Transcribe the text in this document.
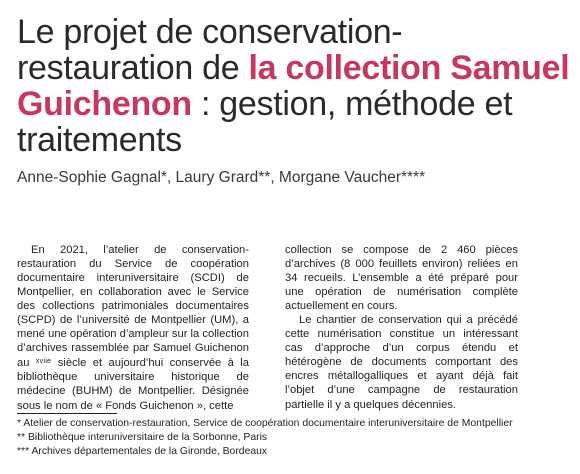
Le projet de conservation-restauration de la collection Samuel Guichenon : gestion, méthode et traitements

Anne-Sophie Gagnal*, Laury Grard**, Morgane Vaucher****

En 2021, l’atelier de conservation-restauration du Service de coopération documentaire interuniversitaire (SCDI) de Montpellier, en collaboration avec le Service des collections patrimoniales documentaires (SCPD) de l’université de Montpellier (UM), a mené une opération d’ampleur sur la collection d’archives rassemblée par Samuel Guichenon au $^{xviie}$ siècle et aujourd’hui conservée à la bibliothèque universitaire historique de médecine (BUHM) de Montpellier. Désignée sous le nom de « Fonds Guichenon », cette

collection se compose de 2 460 pièces d’archives (8 000 feuillets environ) reliées en 34 recueils. L’ensemble a été préparé pour une opération de numérisation complète actuellement en cours.

Le chantier de conservation qui a précédé cette numérisation constitue un intéressant cas d’approche d’un corpus étendu et hétérogène de documents comportant des encres métallogalliques et ayant déjà fait l’objet d’une campagne de restauration partielle il y a quelques décennies.

* Atelier de conservation-restauration, Service de coopération documentaire interuniversitaire de Montpellier
** Bibliothèque interuniversitaire de la Sorbonne, Paris
*** Archives départementales de la Gironde, Bordeaux
